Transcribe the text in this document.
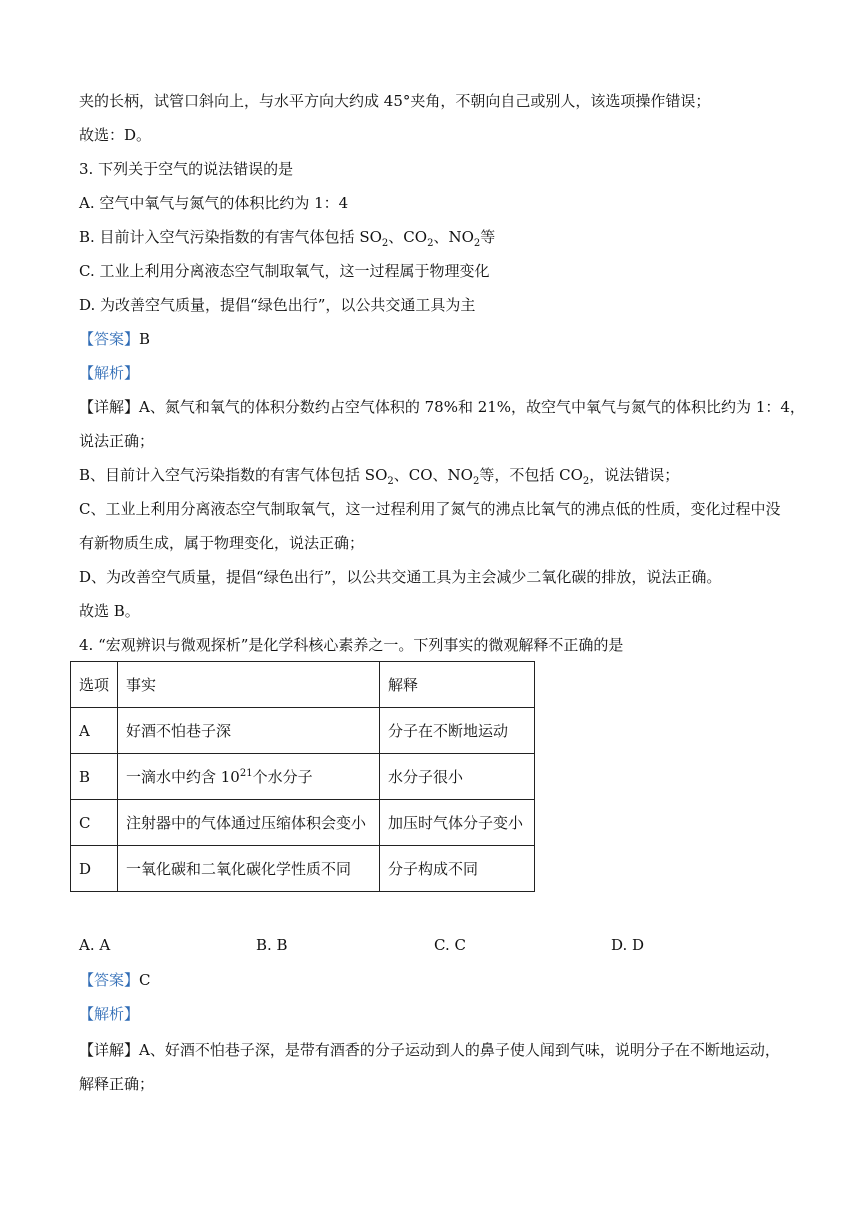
夹的长柄，试管口斜向上，与水平方向大约成 45°夹角，不朝向自己或别人，该选项操作错误；
故选：D。
3. 下列关于空气的说法错误的是
A. 空气中氧气与氮气的体积比约为 1：4
B. 目前计入空气污染指数的有害气体包括 $SO_2$、$CO_2$、$NO_2$等
C. 工业上利用分离液态空气制取氧气，这一过程属于物理变化
D. 为改善空气质量，提倡“绿色出行”，以公共交通工具为主
【答案】B
【解析】
【详解】A、氮气和氧气的体积分数约占空气体积的 78%和 21%，故空气中氧气与氮气的体积比约为 1：4，
说法正确；
B、目前计入空气污染指数的有害气体包括 $SO_2$、CO、$NO_2$等，不包括 $CO_2$，说法错误；
C、工业上利用分离液态空气制取氧气，这一过程利用了氮气的沸点比氧气的沸点低的性质，变化过程中没
有新物质生成，属于物理变化，说法正确；
D、为改善空气质量，提倡“绿色出行”，以公共交通工具为主会减少二氧化碳的排放，说法正确。
故选 B。
4. “宏观辨识与微观探析”是化学科核心素养之一。下列事实的微观解释不正确的是
选项	事实	解释
A	好酒不怕巷子深	分子在不断地运动
B	一滴水中约含 $10^{21}$个水分子	水分子很小
C	注射器中的气体通过压缩体积会变小	加压时气体分子变小
D	一氧化碳和二氧化碳化学性质不同	分子构成不同
A. A	B. B	C. C	D. D
【答案】C
【解析】
【详解】A、好酒不怕巷子深，是带有酒香的分子运动到人的鼻子使人闻到气味，说明分子在不断地运动，
解释正确；
